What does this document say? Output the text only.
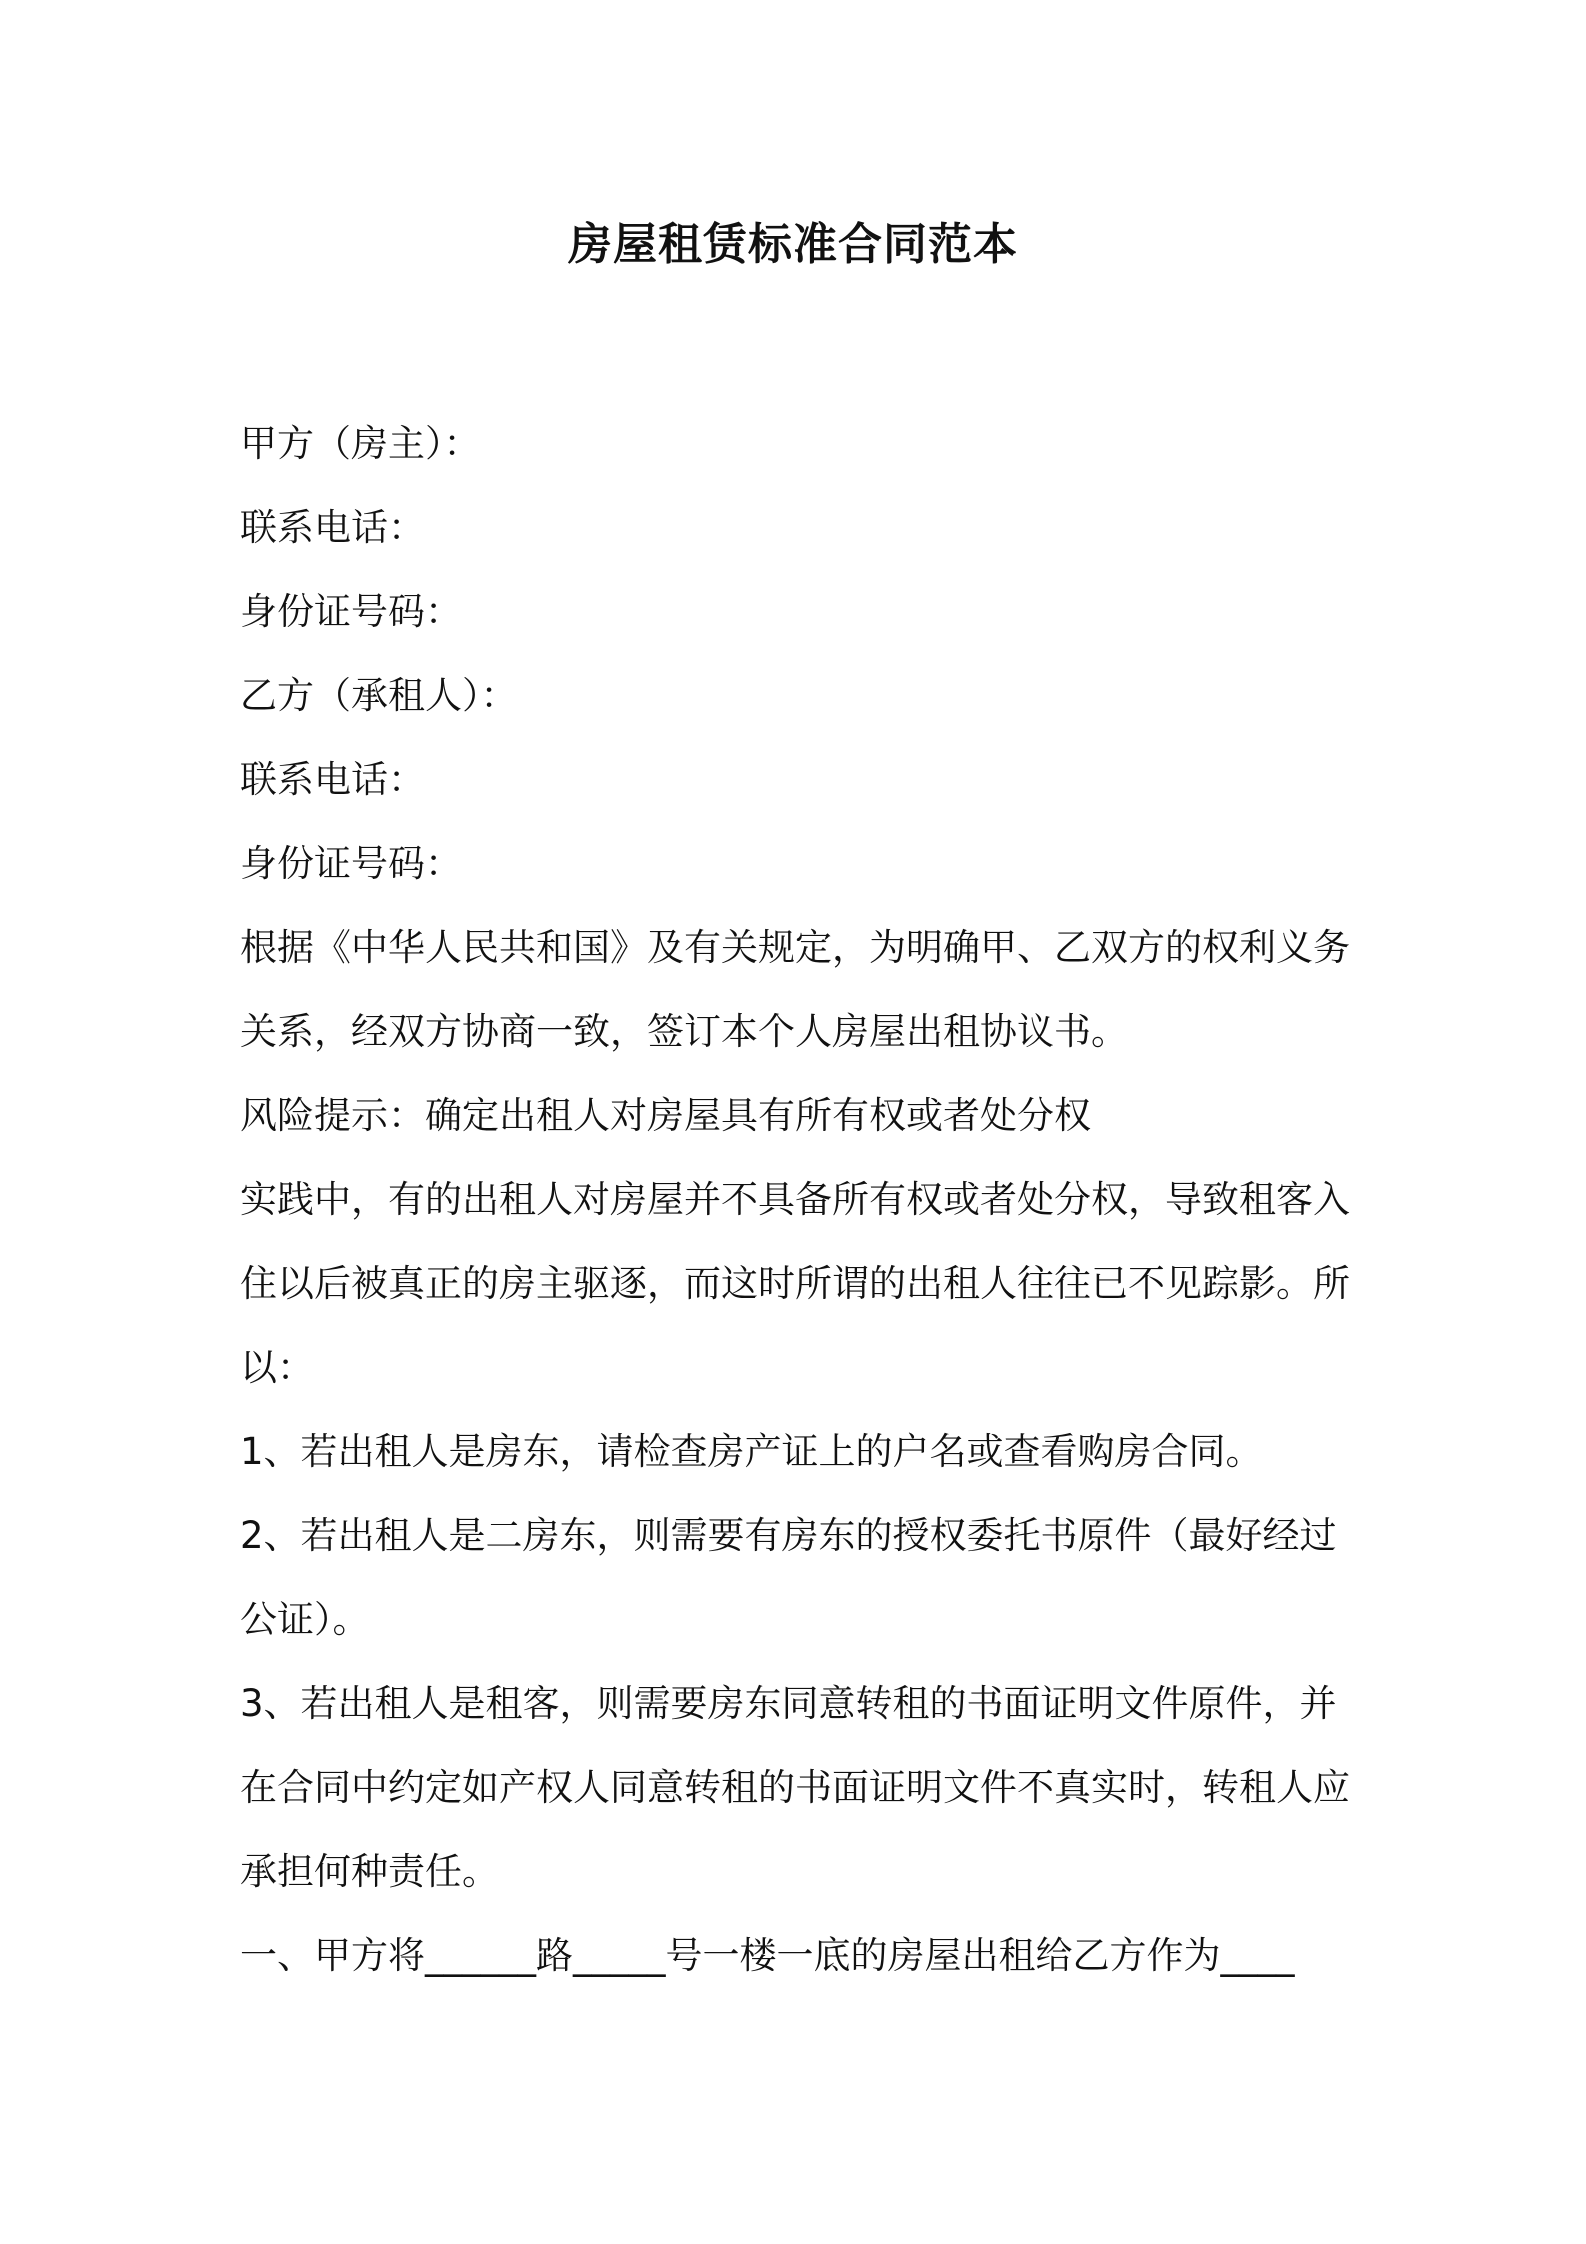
房屋租赁标准合同范本

甲方（房主）：

联系电话：

身份证号码：

乙方（承租人）：

联系电话：

身份证号码：

根据《中华人民共和国》及有关规定，为明确甲、乙双方的权利义务关系，经双方协商一致，签订本个人房屋出租协议书。

风险提示：确定出租人对房屋具有所有权或者处分权

实践中，有的出租人对房屋并不具备所有权或者处分权，导致租客入住以后被真正的房主驱逐，而这时所谓的出租人往往已不见踪影。所以：

1、若出租人是房东，请检查房产证上的户名或查看购房合同。

2、若出租人是二房东，则需要有房东的授权委托书原件（最好经过公证）。

3、若出租人是租客，则需要房东同意转租的书面证明文件原件，并在合同中约定如产权人同意转租的书面证明文件不真实时，转租人应承担何种责任。

一、甲方将______路_____号一楼一底的房屋出租给乙方作为____
